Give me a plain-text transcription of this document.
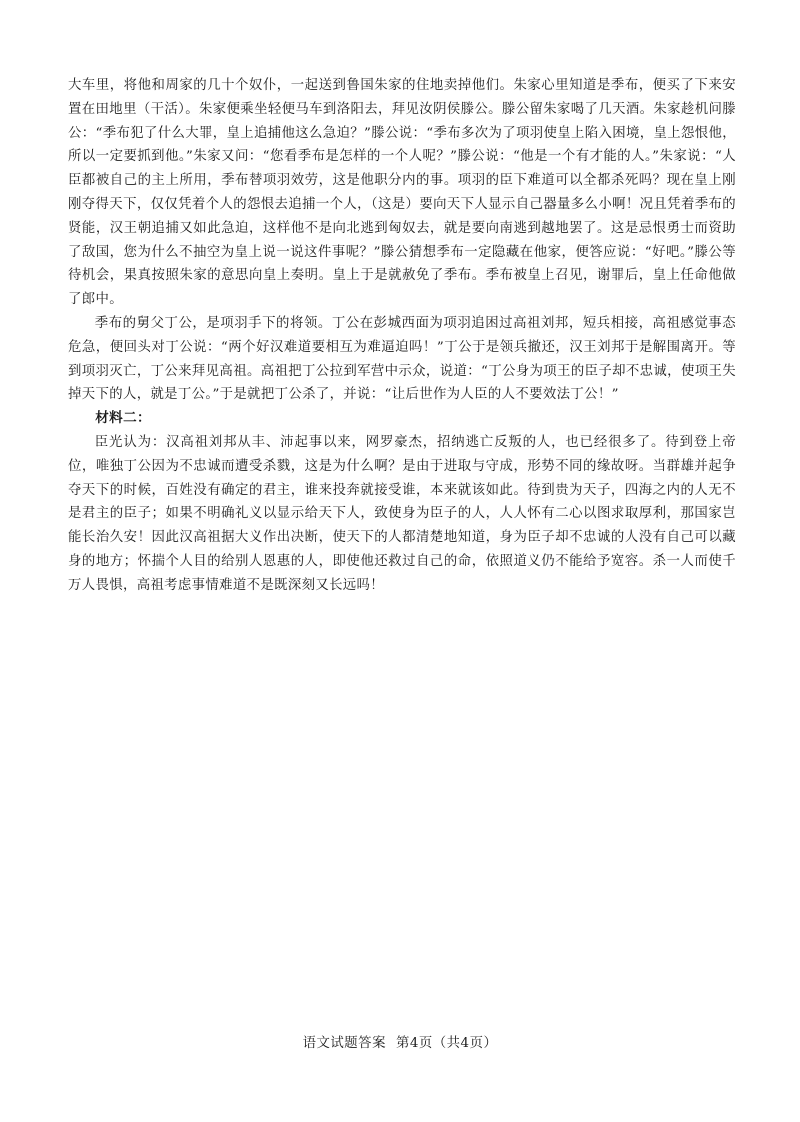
大车里，将他和周家的几十个奴仆，一起送到鲁国朱家的住地卖掉他们。朱家心里知道是季布，便买了下来安置在田地里（干活）。朱家便乘坐轻便马车到洛阳去，拜见汝阴侯滕公。滕公留朱家喝了几天酒。朱家趁机问滕公：“季布犯了什么大罪，皇上追捕他这么急迫？”滕公说：“季布多次为了项羽使皇上陷入困境，皇上怨恨他，所以一定要抓到他。”朱家又问：“您看季布是怎样的一个人呢？”滕公说：“他是一个有才能的人。”朱家说：“人臣都被自己的主上所用，季布替项羽效劳，这是他职分内的事。项羽的臣下难道可以全都杀死吗？现在皇上刚刚夺得天下，仅仅凭着个人的怨恨去追捕一个人，（这是）要向天下人显示自己器量多么小啊！况且凭着季布的贤能，汉王朝追捕又如此急迫，这样他不是向北逃到匈奴去，就是要向南逃到越地罢了。这是忌恨勇士而资助了敌国，您为什么不抽空为皇上说一说这件事呢？”滕公猜想季布一定隐藏在他家，便答应说：“好吧。”滕公等待机会，果真按照朱家的意思向皇上奏明。皇上于是就赦免了季布。季布被皇上召见，谢罪后，皇上任命他做了郎中。

季布的舅父丁公，是项羽手下的将领。丁公在彭城西面为项羽追困过高祖刘邦，短兵相接，高祖感觉事态危急，便回头对丁公说：“两个好汉难道要相互为难逼迫吗！”丁公于是领兵撤还，汉王刘邦于是解围离开。等到项羽灭亡，丁公来拜见高祖。高祖把丁公拉到军营中示众，说道：“丁公身为项王的臣子却不忠诚，使项王失掉天下的人，就是丁公。”于是就把丁公杀了，并说：“让后世作为人臣的人不要效法丁公！”

材料二：

臣光认为：汉高祖刘邦从丰、沛起事以来，网罗豪杰，招纳逃亡反叛的人，也已经很多了。待到登上帝位，唯独丁公因为不忠诚而遭受杀戮，这是为什么啊？是由于进取与守成，形势不同的缘故呀。当群雄并起争夺天下的时候，百姓没有确定的君主，谁来投奔就接受谁，本来就该如此。待到贵为天子，四海之内的人无不是君主的臣子；如果不明确礼义以显示给天下人，致使身为臣子的人，人人怀有二心以图求取厚利，那国家岂能长治久安！因此汉高祖据大义作出决断，使天下的人都清楚地知道，身为臣子却不忠诚的人没有自己可以藏身的地方；怀揣个人目的给别人恩惠的人，即使他还救过自己的命，依照道义仍不能给予宽容。杀一人而使千万人畏惧，高祖考虑事情难道不是既深刻又长远吗！

语文试题答案 第4页（共4页）
